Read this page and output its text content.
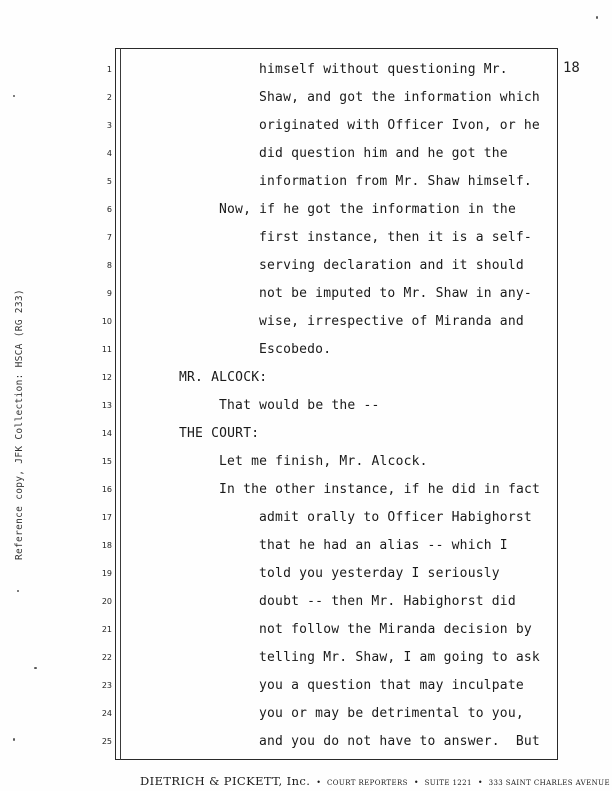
18
Reference copy, JFK Collection: HSCA (RG 233)
1
2
3
4
5
6
7
8
9
10
11
12
13
14
15
16
17
18
19
20
21
22
23
24
25
himself without questioning Mr.
Shaw, and got the information which
originated with Officer Ivon, or he
did question him and he got the
information from Mr. Shaw himself.
Now, if he got the information in the
first instance, then it is a self-
serving declaration and it should
not be imputed to Mr. Shaw in any-
wise, irrespective of Miranda and
Escobedo.
MR. ALCOCK:
That would be the --
THE COURT:
Let me finish, Mr. Alcock.
In the other instance, if he did in fact
admit orally to Officer Habighorst
that he had an alias -- which I
told you yesterday I seriously
doubt -- then Mr. Habighorst did
not follow the Miranda decision by
telling Mr. Shaw, I am going to ask
you a question that may inculpate
you or may be detrimental to you,
and you do not have to answer.  But
DIETRICH & PICKETT, Inc. • COURT REPORTERS • SUITE 1221 • 333 SAINT CHARLES AVENUE
